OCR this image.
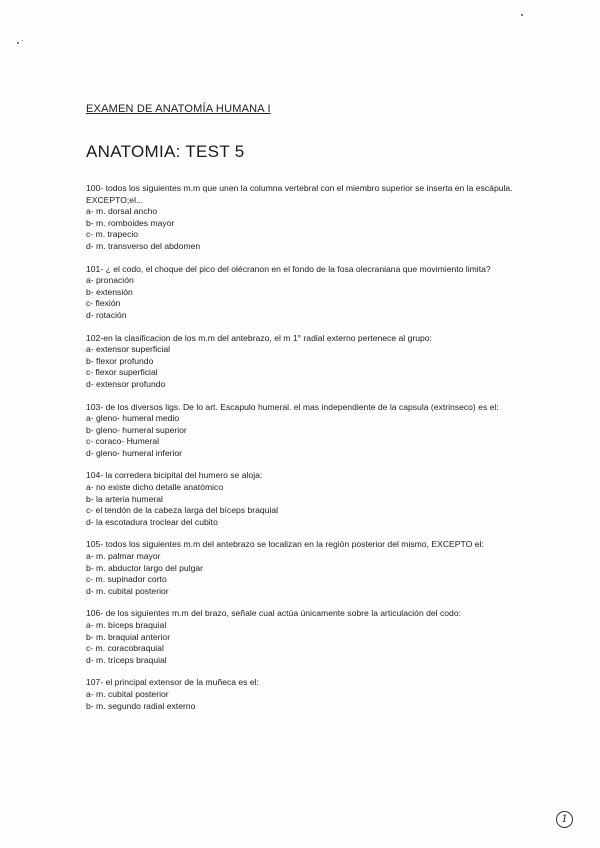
EXAMEN DE ANATOMÍA HUMANA I
ANATOMIA: TEST 5
100- todos los siguientes m.m que unen la columna vertebral con el miembro superior se inserta en la escápula. EXCEPTO;el...
a- m. dorsal ancho
b- m. romboides mayor
c- m. trapecio
d- m. transverso del abdomen
101- ¿ el codo, el choque del pico del olécranon en el fondo de la fosa olecraniana que movimiento limita?
a- pronación
b- extensión
c- flexión
d- rotación
102-en la clasificacion de los m.m del antebrazo, el m 1° radial externo pertenece al grupo:
a- extensor superficial
b- flexor profundo
c- flexor superficial
d- extensor profundo
103- de los diversos ligs. De lo art. Escapulo humeral. el mas independiente de la capsula (extrinseco) es el:
a- gleno- humeral medio
b- gleno- humeral superior
c- coraco- Humeral
d- gleno- humeral inferior
104- la corredera bicipital del humero se aloja:
a- no existe dicho detalle anatómico
b- la arteria humeral
c- el tendón de la cabeza larga del bíceps braquial
d- la escotadura troclear del cubito
105- todos los siguientes m.m del antebrazo se localizan en la región posterior del mismo, EXCEPTO el:
a- m. palmar mayor
b- m. abductor largo del pulgar
c- m. supinador corto
d- m. cubital posterior
106- de los siguientes m.m del brazo, señale cual actúa únicamente sobre la articulación del codo:
a- m. bíceps braquial
b- m. braquial anterior
c- m. coracobraquial
d- m. tríceps braquial
107- el principal extensor de la muñeca es el:
a- m. cubital posterior
b- m. segundo radial externo
1
